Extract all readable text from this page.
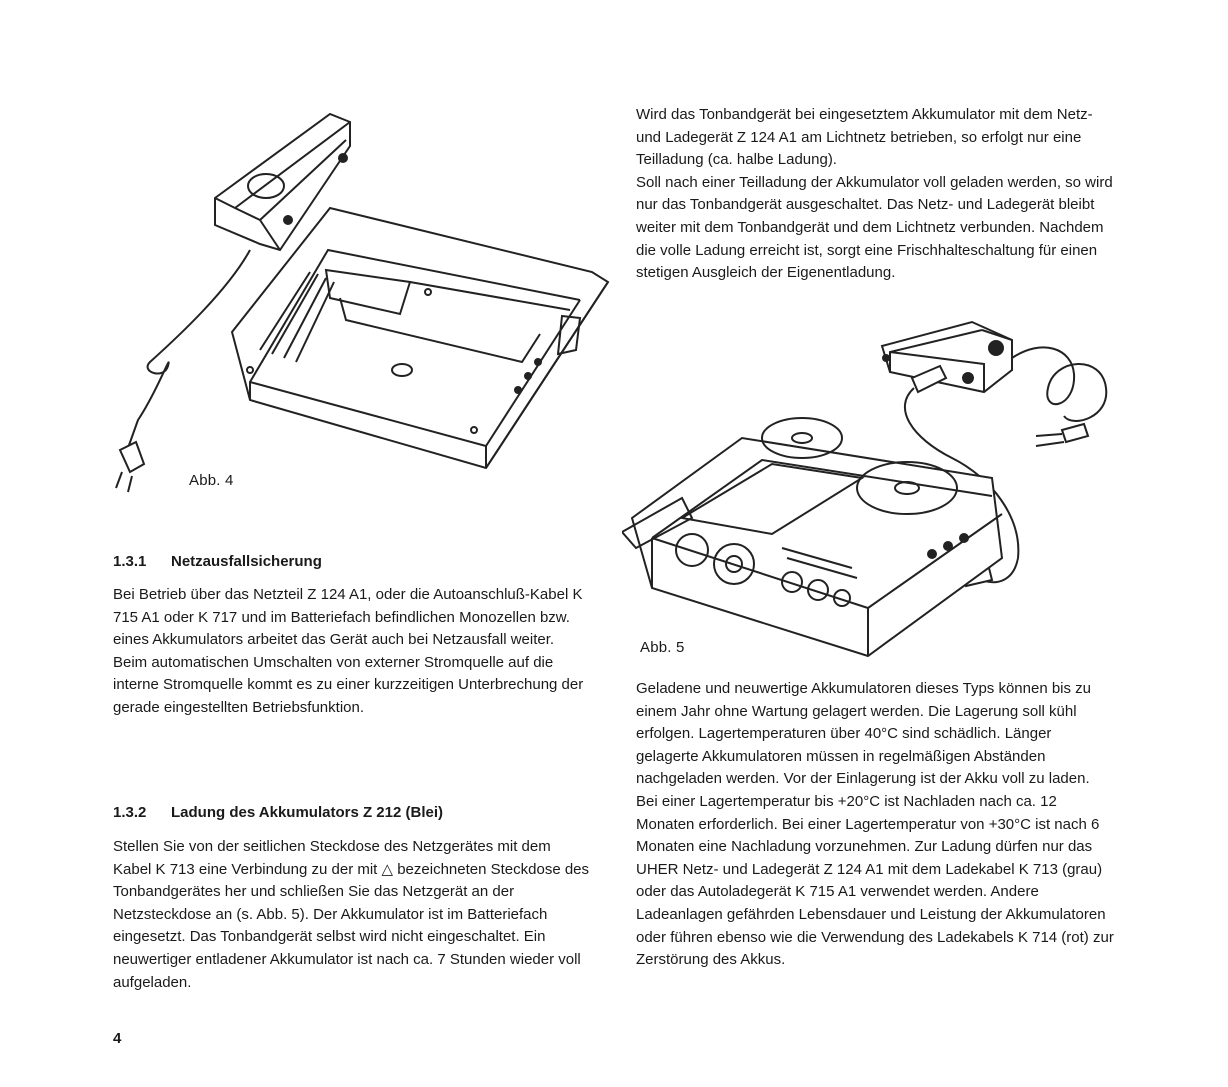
Abb. 4
1.3.1 Netzausfallsicherung

Bei Betrieb über das Netzteil Z 124 A1, oder die Autoanschluß-Kabel K 715 A1 oder K 717 und im Batteriefach befindlichen Monozellen bzw. eines Akkumulators arbeitet das Gerät auch bei Netzausfall weiter.

Beim automatischen Umschalten von externer Stromquelle auf die interne Stromquelle kommt es zu einer kurzzeitigen Unterbrechung der gerade eingestellten Betriebsfunktion.

1.3.2 Ladung des Akkumulators Z 212 (Blei)

Stellen Sie von der seitlichen Steckdose des Netzgerätes mit dem Kabel K 713 eine Verbindung zu der mit △ bezeichneten Steckdose des Tonbandgerätes her und schließen Sie das Netzgerät an der Netzsteckdose an (s. Abb. 5). Der Akkumulator ist im Batteriefach eingesetzt. Das Tonbandgerät selbst wird nicht eingeschaltet. Ein neuwertiger entladener Akkumulator ist nach ca. 7 Stunden wieder voll aufgeladen.

Wird das Tonbandgerät bei eingesetztem Akkumulator mit dem Netz- und Ladegerät Z 124 A1 am Lichtnetz betrieben, so erfolgt nur eine Teilladung (ca. halbe Ladung).

Soll nach einer Teilladung der Akkumulator voll geladen werden, so wird nur das Tonbandgerät ausgeschaltet. Das Netz- und Ladegerät bleibt weiter mit dem Tonbandgerät und dem Lichtnetz verbunden. Nachdem die volle Ladung erreicht ist, sorgt eine Frischhalteschaltung für einen stetigen Ausgleich der Eigenentladung.

Abb. 5

Geladene und neuwertige Akkumulatoren dieses Typs können bis zu einem Jahr ohne Wartung gelagert werden. Die Lagerung soll kühl erfolgen. Lagertemperaturen über 40°C sind schädlich. Länger gelagerte Akkumulatoren müssen in regelmäßigen Abständen nachgeladen werden. Vor der Einlagerung ist der Akku voll zu laden. Bei einer Lagertemperatur bis +20°C ist Nachladen nach ca. 12 Monaten erforderlich. Bei einer Lagertemperatur von +30°C ist nach 6 Monaten eine Nachladung vorzunehmen. Zur Ladung dürfen nur das UHER Netz- und Ladegerät Z 124 A1 mit dem Ladekabel K 713 (grau) oder das Autoladegerät K 715 A1 verwendet werden. Andere Ladeanlagen gefährden Lebensdauer und Leistung der Akkumulatoren oder führen ebenso wie die Verwendung des Ladekabels K 714 (rot) zur Zerstörung des Akkus.

4
